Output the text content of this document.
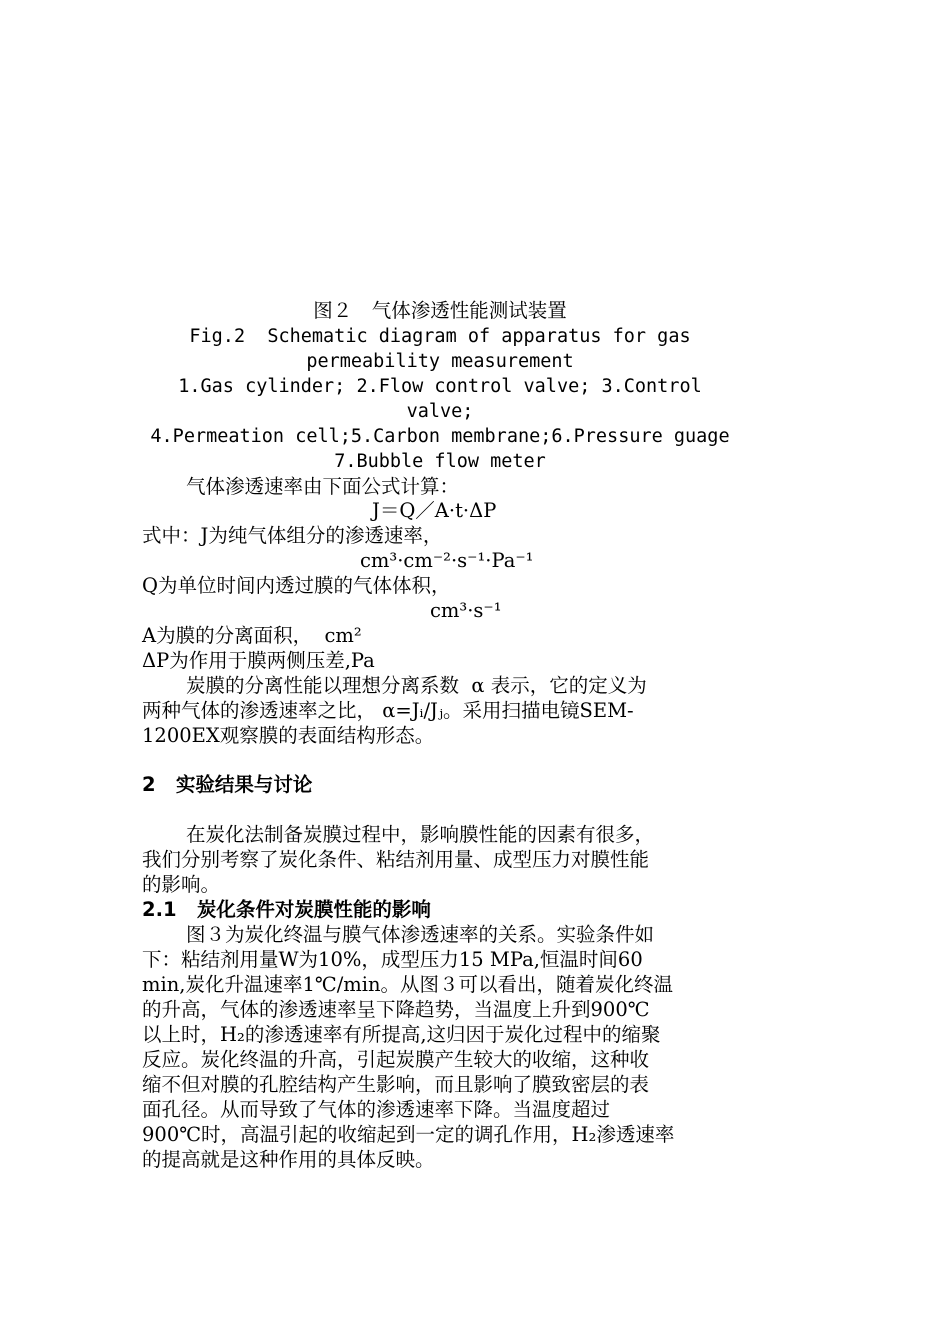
图２　气体渗透性能测试装置
Fig.2  Schematic diagram of apparatus for gas
permeability measurement
1.Gas cylinder; 2.Flow control valve; 3.Control
valve;
4.Permeation cell;5.Carbon membrane;6.Pressure guage
7.Bubble flow meter
气体渗透速率由下面公式计算：
J＝Q／A·t·ΔP
式中：J为纯气体组分的渗透速率，
cm³·cm⁻²·s⁻¹·Pa⁻¹
Q为单位时间内透过膜的气体体积，
cm³·s⁻¹
A为膜的分离面积，  cm²
ΔP为作用于膜两侧压差,Pa
炭膜的分离性能以理想分离系数  α 表示，它的定义为
两种气体的渗透速率之比， α=Jᵢ/Jⱼ。采用扫描电镜SEM-
1200EX观察膜的表面结构形态。
2   实验结果与讨论
在炭化法制备炭膜过程中，影响膜性能的因素有很多，
我们分别考察了炭化条件、粘结剂用量、成型压力对膜性能
的影响。
2.1   炭化条件对炭膜性能的影响
图３为炭化终温与膜气体渗透速率的关系。实验条件如
下：粘结剂用量W为10%，成型压力15 MPa,恒温时间60
min,炭化升温速率1℃/min。从图３可以看出，随着炭化终温
的升高，气体的渗透速率呈下降趋势，当温度上升到900℃
以上时，H₂的渗透速率有所提高,这归因于炭化过程中的缩聚
反应。炭化终温的升高，引起炭膜产生较大的收缩，这种收
缩不但对膜的孔腔结构产生影响，而且影响了膜致密层的表
面孔径。从而导致了气体的渗透速率下降。当温度超过
900℃时，高温引起的收缩起到一定的调孔作用，H₂渗透速率
的提高就是这种作用的具体反映。
